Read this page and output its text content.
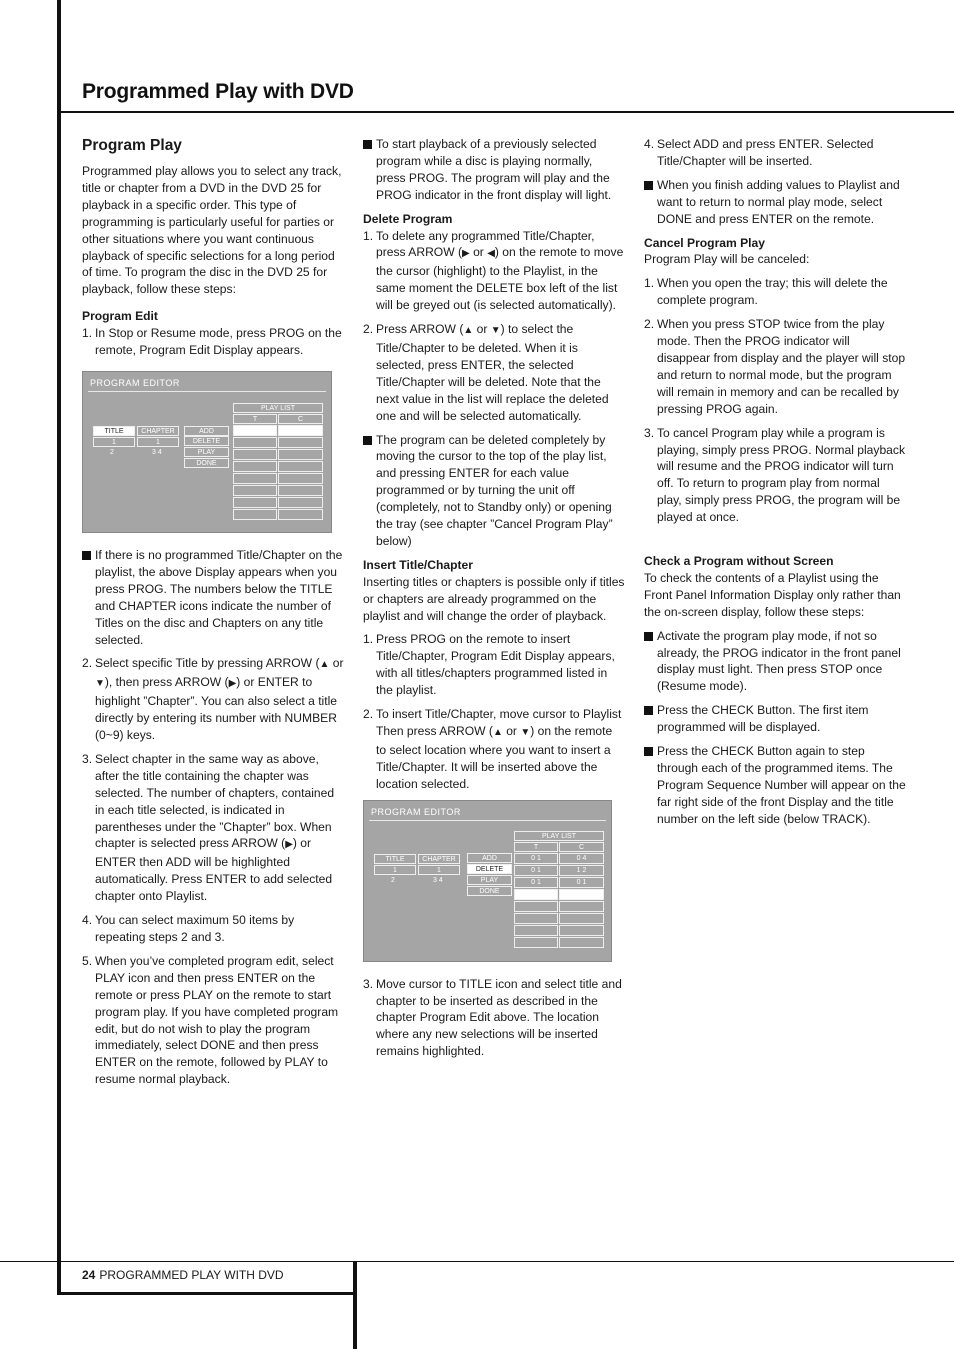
Programmed Play with DVD
24 PROGRAMMED PLAY WITH DVD
Program Play

Programmed play allows you to select any track, title or chapter from a DVD in the DVD 25 for playback in a specific order. This type of programming is particularly useful for parties or other situations where you want continuous playback of specific selections for a long period of time. To program the disc in the DVD 25 for playback, follow these steps:

Program Edit
1. In Stop or Resume mode, press PROG on the remote, Program Edit Display appears.
PROGRAM EDITOR
TITLE	CHAPTER
1	1
2	3 4
ADD
DELETE
PLAY
DONE
PLAY LIST
T	C
If there is no programmed Title/Chapter on the playlist, the above Display appears when you press PROG. The numbers below the TITLE and CHAPTER icons indicate the number of Titles on the disc and Chapters on any title selected.
2. Select specific Title by pressing ARROW (▲ or ▼), then press ARROW (▶) or ENTER to highlight ”Chapter”. You can also select a title directly by entering its number with NUMBER (0~9) keys.
3. Select chapter in the same way as above, after the title containing the chapter was selected. The number of chapters, contained in each title selected, is indicated in parentheses under the ”Chapter” box. When chapter is selected press ARROW (▶) or ENTER then ADD will be highlighted automatically. Press ENTER to add selected chapter onto Playlist.
4. You can select maximum 50 items by repeating steps 2 and 3.
5. When you’ve completed program edit, select PLAY icon and then press ENTER on the remote or press PLAY on the remote to start program play. If you have completed program edit, but do not wish to play the program immediately, select DONE and then press ENTER on the remote, followed by PLAY to resume normal playback.
To start playback of a previously selected program while a disc is playing normally, press PROG. The program will play and the PROG indicator in the front display will light.
Delete Program
1. To delete any programmed Title/Chapter, press ARROW (▶ or ◀) on the remote to move the cursor (highlight) to the Playlist, in the same moment the DELETE box left of the list will be greyed out (is selected automatically).
2. Press ARROW (▲ or ▼) to select the Title/Chapter to be deleted. When it is selected, press ENTER, the selected Title/Chapter will be deleted. Note that the next value in the list will replace the deleted one and will be selected automatically.
The program can be deleted completely by moving the cursor to the top of the play list, and pressing ENTER for each value programmed or by turning the unit off (completely, not to Standby only) or opening the tray (see chapter ”Cancel Program Play” below)
Insert Title/Chapter

Inserting titles or chapters is possible only if titles or chapters are already programmed on the playlist and will change the order of playback.

1. Press PROG on the remote to insert Title/Chapter, Program Edit Display appears, with all titles/chapters programmed listed in the playlist.
2. To insert Title/Chapter, move cursor to Playlist Then press ARROW (▲ or ▼) on the remote to select location where you want to insert a Title/Chapter. It will be inserted above the location selected.
PROGRAM EDITOR
TITLE	CHAPTER
1	1
2	3 4
ADD
DELETE
PLAY
DONE
PLAY LIST
T	C
0 1	0 4
0 1	1 2
0 1	0 1
3. Move cursor to TITLE icon and select title and chapter to be inserted as described in the chapter Program Edit above. The location where any new selections will be inserted remains highlighted.
4. Select ADD and press ENTER. Selected Title/Chapter will be inserted.
When you finish adding values to Playlist and want to return to normal play mode, select DONE and press ENTER on the remote.
Cancel Program Play

Program Play will be canceled:

1. When you open the tray; this will delete the complete program.
2. When you press STOP twice from the play mode. Then the PROG indicator will disappear from display and the player will stop and return to normal mode, but the program will remain in memory and can be recalled by pressing PROG again.
3. To cancel Program play while a program is playing, simply press PROG. Normal playback will resume and the PROG indicator will turn off. To return to program play from normal play, simply press PROG, the program will be played at once.
Check a Program without Screen

To check the contents of a Playlist using the Front Panel Information Display only rather than the on-screen display, follow these steps:

Activate the program play mode, if not so already, the PROG indicator in the front panel display must light. Then press STOP once (Resume mode).
Press the CHECK Button. The first item programmed will be displayed.
Press the CHECK Button again to step through each of the programmed items. The Program Sequence Number will appear on the far right side of the front Display and the title number on the left side (below TRACK).
